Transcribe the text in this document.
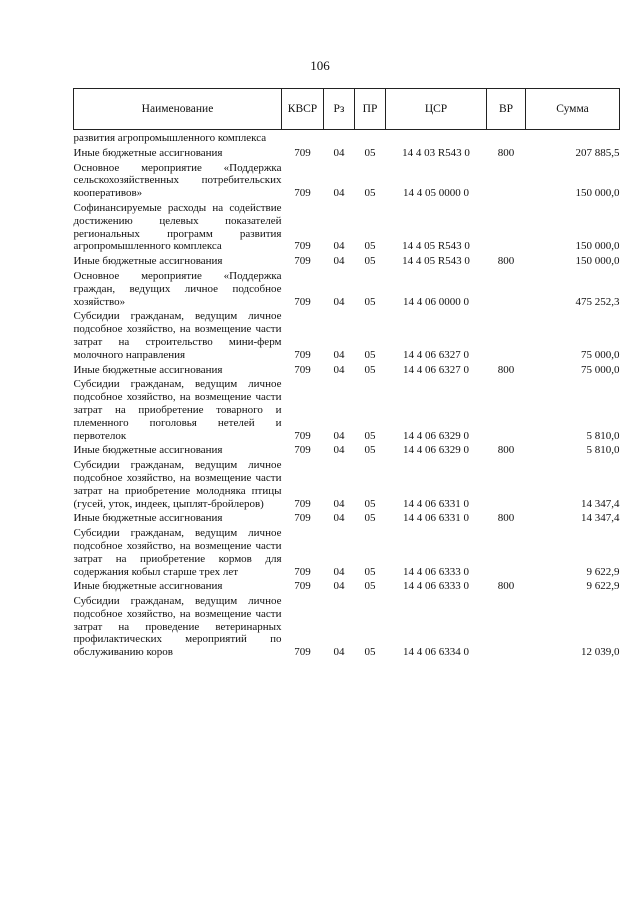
106
Наименование	КВСР	Рз	ПР	ЦСР	ВР	Сумма
развития агропромышленного комплекса						
Иные бюджетные ассигнования	709	04	05	14 4 03 R543 0	800	207 885,5
Основное мероприятие «Поддержка сельскохозяйственных потребительских кооперативов»	709	04	05	14 4 05 0000 0		150 000,0
Софинансируемые расходы на содействие достижению целевых показателей региональных программ развития агропромышленного комплекса	709	04	05	14 4 05 R543 0		150 000,0
Иные бюджетные ассигнования	709	04	05	14 4 05 R543 0	800	150 000,0
Основное мероприятие «Поддержка граждан, ведущих личное подсобное хозяйство»	709	04	05	14 4 06 0000 0		475 252,3
Субсидии гражданам, ведущим личное подсобное хозяйство, на возмещение части затрат на строительство мини-ферм молочного направления	709	04	05	14 4 06 6327 0		75 000,0
Иные бюджетные ассигнования	709	04	05	14 4 06 6327 0	800	75 000,0
Субсидии гражданам, ведущим личное подсобное хозяйство, на возмещение части затрат на приобретение товарного и племенного поголовья нетелей и первотелок	709	04	05	14 4 06 6329 0		5 810,0
Иные бюджетные ассигнования	709	04	05	14 4 06 6329 0	800	5 810,0
Субсидии гражданам, ведущим личное подсобное хозяйство, на возмещение части затрат на приобретение молодняка птицы (гусей, уток, индеек, цыплят-бройлеров)	709	04	05	14 4 06 6331 0		14 347,4
Иные бюджетные ассигнования	709	04	05	14 4 06 6331 0	800	14 347,4
Субсидии гражданам, ведущим личное подсобное хозяйство, на возмещение части затрат на приобретение кормов для содержания кобыл старше трех лет	709	04	05	14 4 06 6333 0		9 622,9
Иные бюджетные ассигнования	709	04	05	14 4 06 6333 0	800	9 622,9
Субсидии гражданам, ведущим личное подсобное хозяйство, на возмещение части затрат на проведение ветеринарных профилактических мероприятий по обслуживанию коров	709	04	05	14 4 06 6334 0		12 039,0
